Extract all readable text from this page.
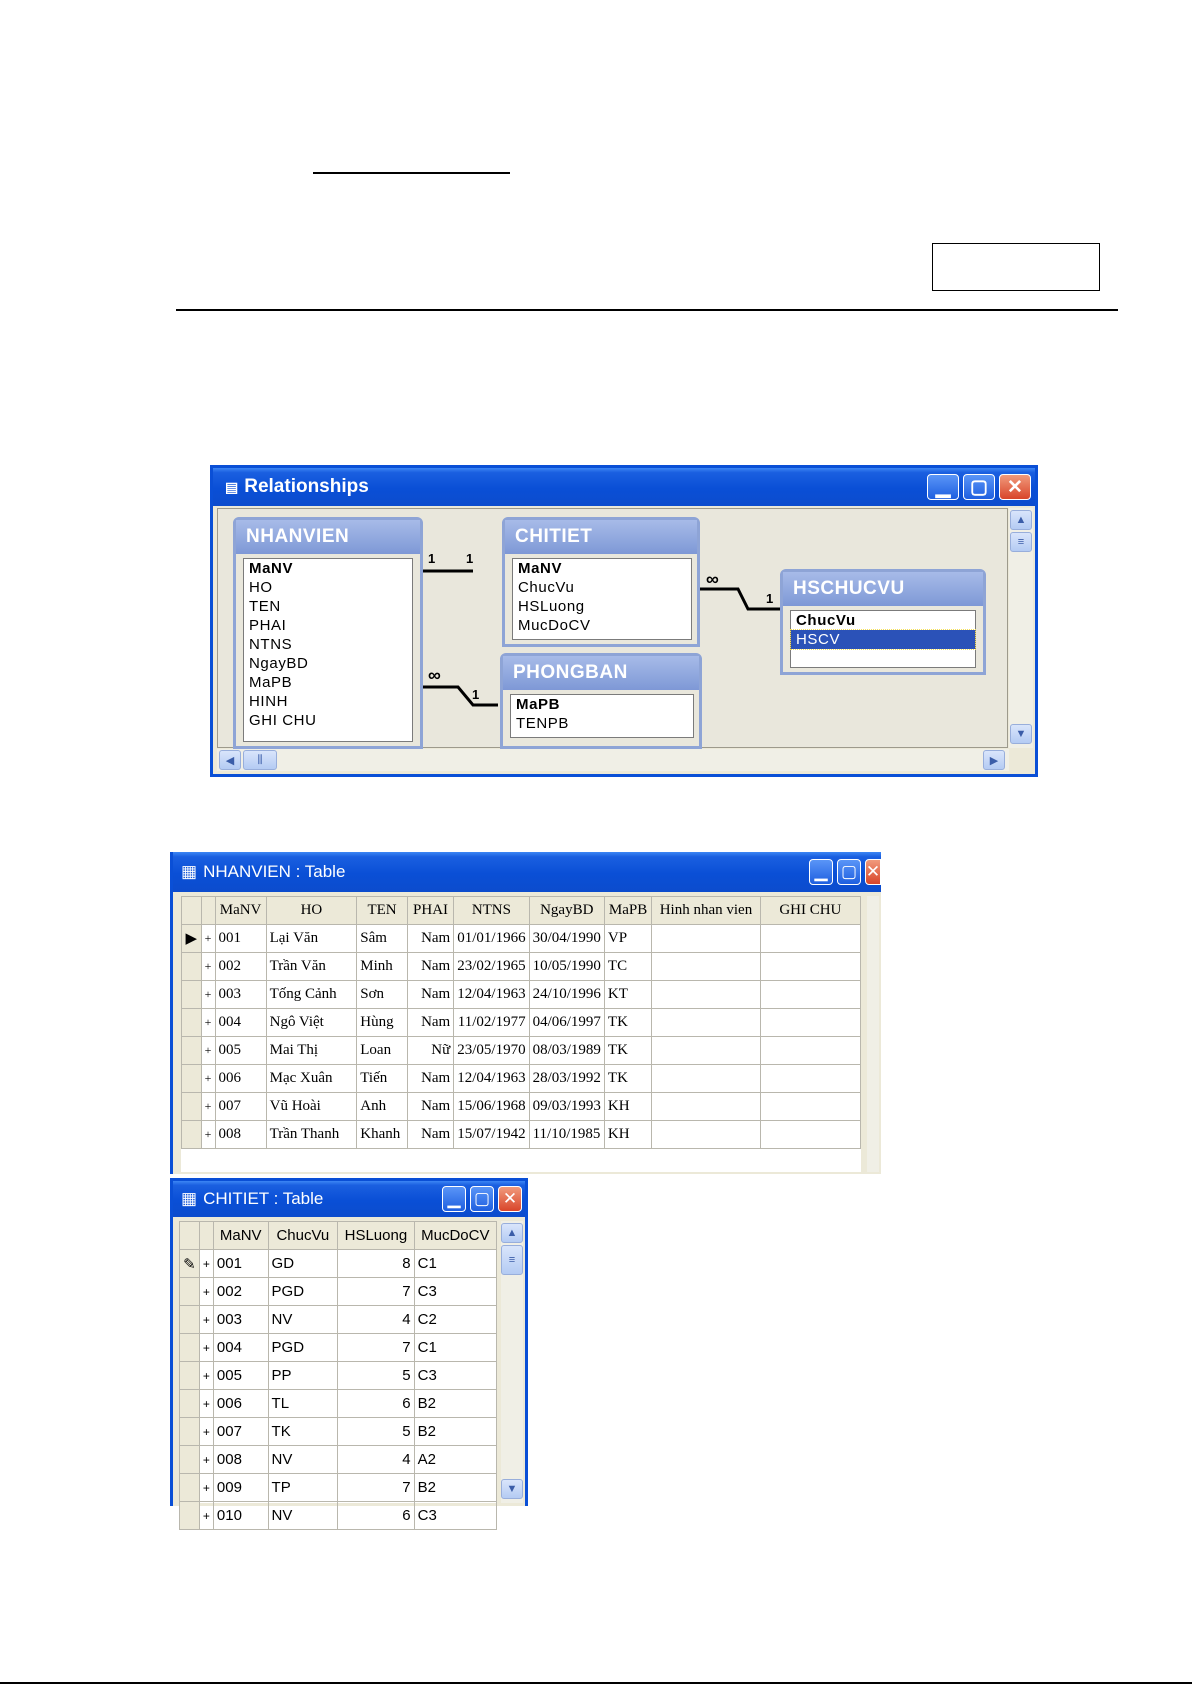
▤ Relationships	▁	▢	✕
1 1
∞
1
∞
1
NHANVIEN
MaNV
HO
TEN
PHAI
NTNS
NgayBD
MaPB
HINH
GHI CHU
CHITIET
MaNV
ChucVu
HSLuong
MucDoCV
HSCHUCVU
ChucVu
HSCV
PHONGBAN
MaPB
TENPB
▲
≡
▼
◀	⫼	▶
▦ NHANVIEN : Table	▁ ▢ ✕
		MaNV	HO	TEN	PHAI	NTNS	NgayBD	MaPB	Hinh nhan vien	GHI CHU
▶	+	001	Lại Văn	Sâm	Nam	01/01/1966	30/04/1990	VP		
	+	002	Trần Văn	Minh	Nam	23/02/1965	10/05/1990	TC		
	+	003	Tống Cảnh	Sơn	Nam	12/04/1963	24/10/1996	KT		
	+	004	Ngô Việt	Hùng	Nam	11/02/1977	04/06/1997	TK		
	+	005	Mai Thị	Loan	Nữ	23/05/1970	08/03/1989	TK		
	+	006	Mạc Xuân	Tiến	Nam	12/04/1963	28/03/1992	TK		
	+	007	Vũ Hoài	Anh	Nam	15/06/1968	09/03/1993	KH		
	+	008	Trần Thanh	Khanh	Nam	15/07/1942	11/10/1985	KH		
▦ CHITIET : Table	▁ ▢ ✕
		MaNV	ChucVu	HSLuong	MucDoCV
✎	+	001	GD	8	C1
	+	002	PGD	7	C3
	+	003	NV	4	C2
	+	004	PGD	7	C1
	+	005	PP	5	C3
	+	006	TL	6	B2
	+	007	TK	5	B2
	+	008	NV	4	A2
	+	009	TP	7	B2
	+	010	NV	6	C3
▲
≡
▼
